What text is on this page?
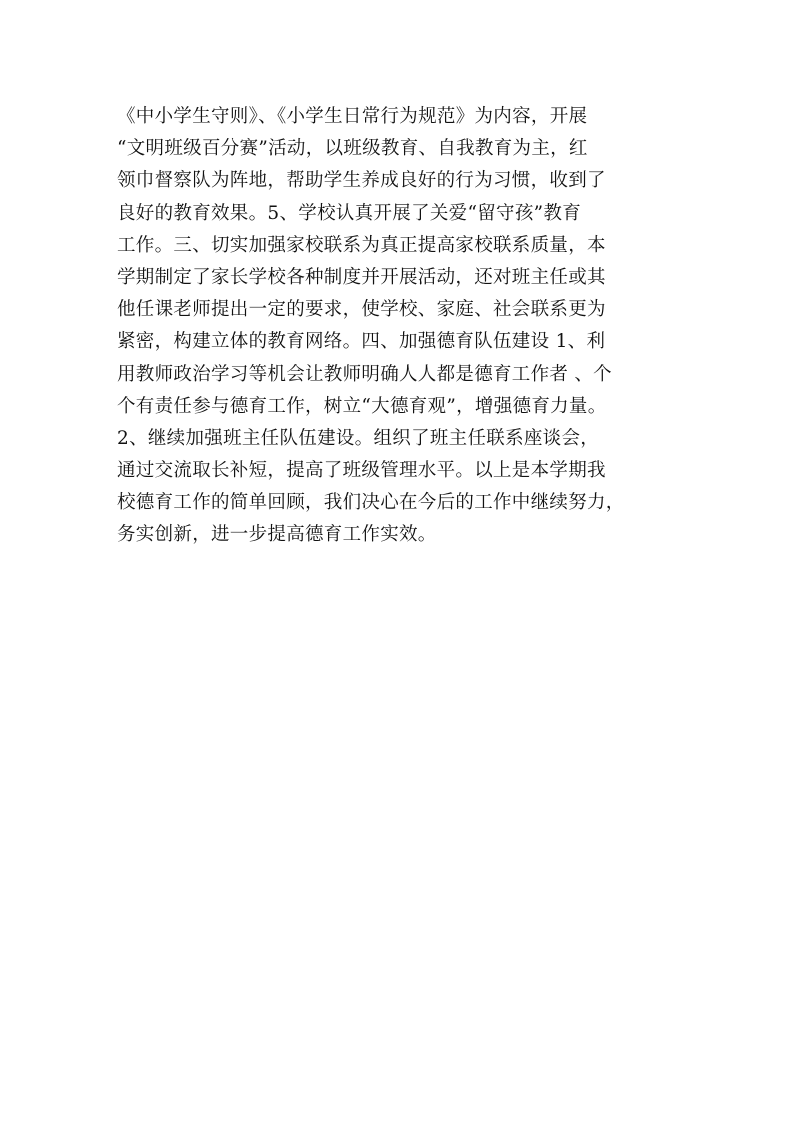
《中小学生守则》、《小学生日常行为规范》为内容，开展
“文明班级百分赛”活动，以班级教育、自我教育为主，红
领巾督察队为阵地，帮助学生养成良好的行为习惯，收到了
良好的教育效果。5、学校认真开展了关爱“留守孩”教育
工作。三、切实加强家校联系为真正提高家校联系质量，本
学期制定了家长学校各种制度并开展活动，还对班主任或其
他任课老师提出一定的要求，使学校、家庭、社会联系更为
紧密，构建立体的教育网络。四、加强德育队伍建设 1、利
用教师政治学习等机会让教师明确人人都是德育工作者 、个
个有责任参与德育工作，树立“大德育观”，增强德育力量。
2、继续加强班主任队伍建设。组织了班主任联系座谈会，
通过交流取长补短，提高了班级管理水平。以上是本学期我
校德育工作的简单回顾，我们决心在今后的工作中继续努力，
务实创新，进一步提高德育工作实效。
